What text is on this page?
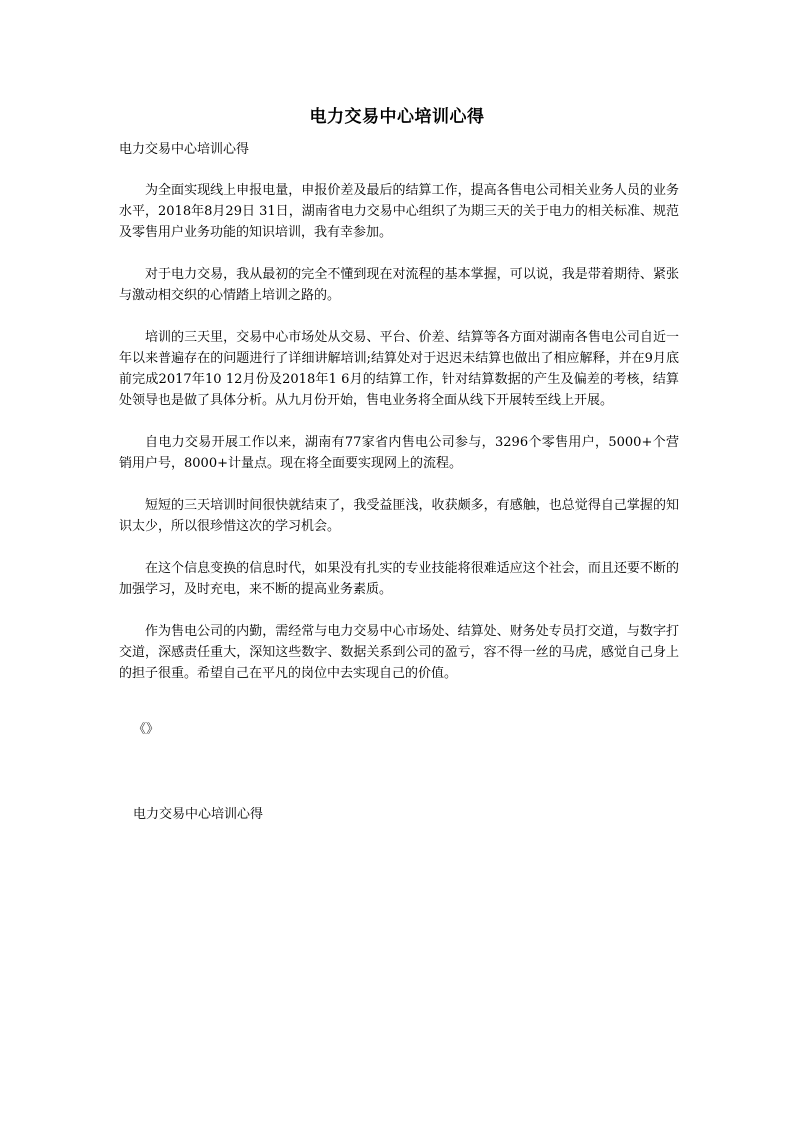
电力交易中心培训心得
电力交易中心培训心得

为全面实现线上申报电量，申报价差及最后的结算工作，提高各售电公司相关业务人员的业务水平，2018年8月29日 31日，湖南省电力交易中心组织了为期三天的关于电力的相关标准、规范及零售用户业务功能的知识培训，我有幸参加。

对于电力交易，我从最初的完全不懂到现在对流程的基本掌握，可以说，我是带着期待、紧张与激动相交织的心情踏上培训之路的。

培训的三天里，交易中心市场处从交易、平台、价差、结算等各方面对湖南各售电公司自近一年以来普遍存在的问题进行了详细讲解培训;结算处对于迟迟未结算也做出了相应解释，并在9月底前完成2017年10 12月份及2018年1 6月的结算工作，针对结算数据的产生及偏差的考核，结算处领导也是做了具体分析。从九月份开始，售电业务将全面从线下开展转至线上开展。

自电力交易开展工作以来，湖南有77家省内售电公司参与，3296个零售用户，5000+个营销用户号，8000+计量点。现在将全面要实现网上的流程。

短短的三天培训时间很快就结束了，我受益匪浅，收获颇多，有感触，也总觉得自己掌握的知识太少，所以很珍惜这次的学习机会。

在这个信息变换的信息时代，如果没有扎实的专业技能将很难适应这个社会，而且还要不断的加强学习，及时充电，来不断的提高业务素质。

作为售电公司的内勤，需经常与电力交易中心市场处、结算处、财务处专员打交道，与数字打交道，深感责任重大，深知这些数字、数据关系到公司的盈亏，容不得一丝的马虎，感觉自己身上的担子很重。希望自己在平凡的岗位中去实现自己的价值。

《》
电力交易中心培训心得
